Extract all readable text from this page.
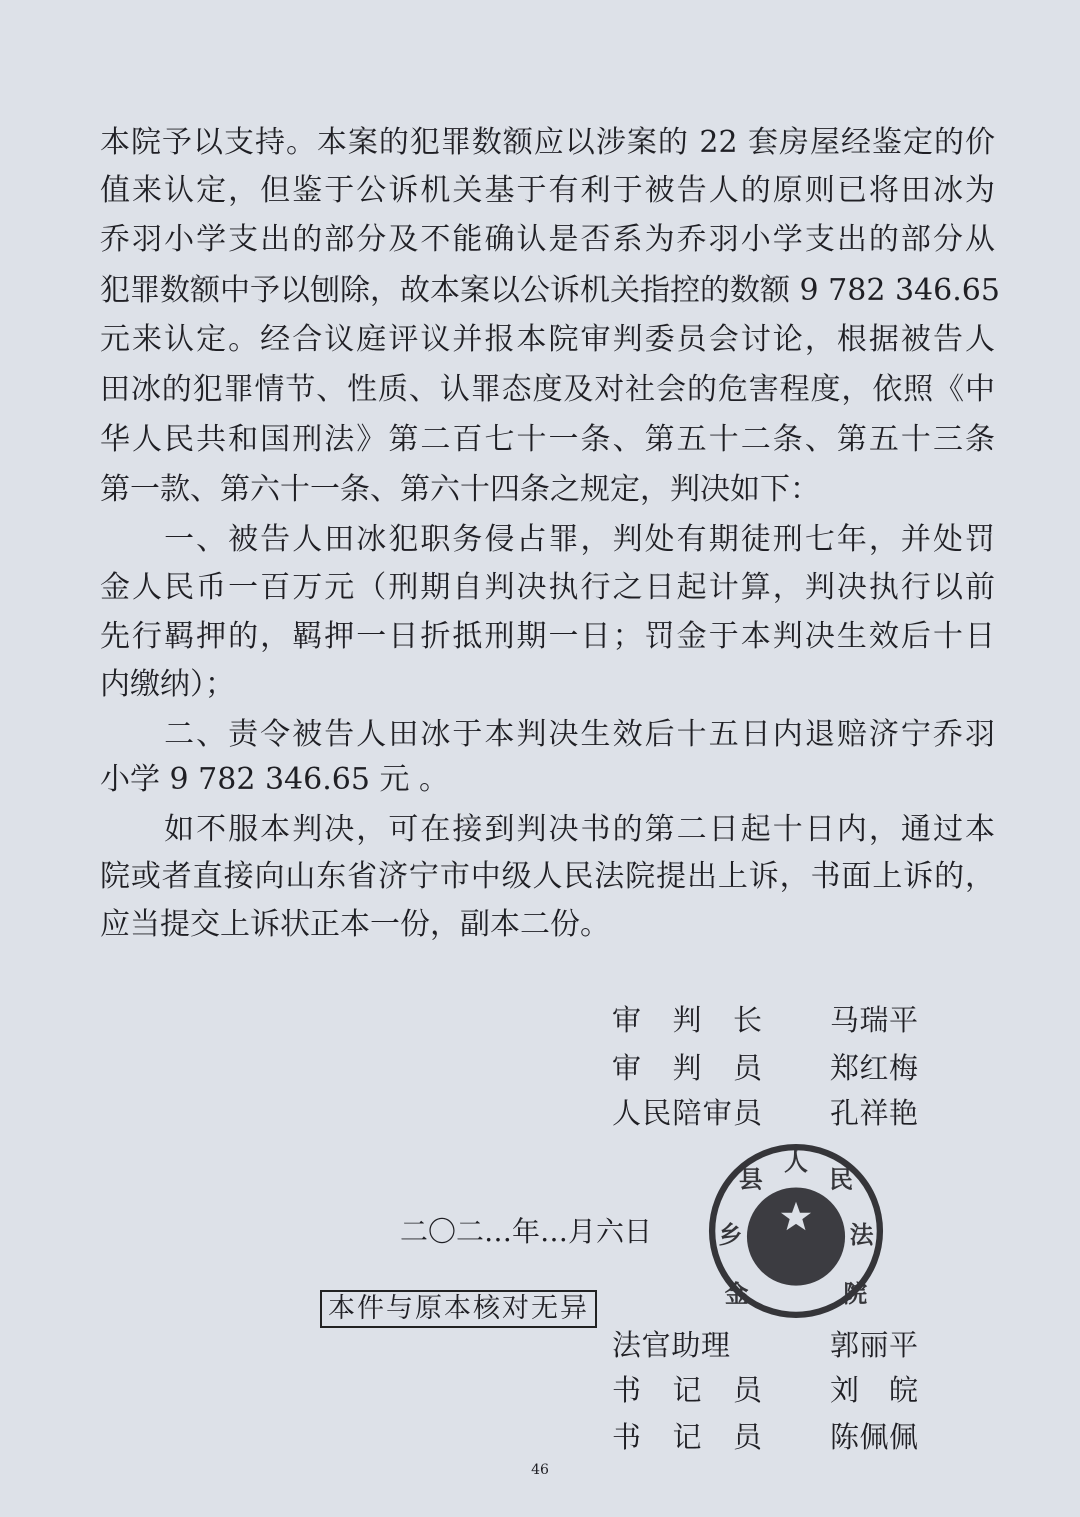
本院予以支持。本案的犯罪数额应以涉案的 22 套房屋经鉴定的价
值来认定，但鉴于公诉机关基于有利于被告人的原则已将田冰为
乔羽小学支出的部分及不能确认是否系为乔羽小学支出的部分从
犯罪数额中予以刨除，故本案以公诉机关指控的数额 9 782 346.65
元来认定。经合议庭评议并报本院审判委员会讨论，根据被告人
田冰的犯罪情节、性质、认罪态度及对社会的危害程度，依照《中
华人民共和国刑法》第二百七十一条、第五十二条、第五十三条
第一款、第六十一条、第六十四条之规定，判决如下：
　　一、被告人田冰犯职务侵占罪，判处有期徒刑七年，并处罚
金人民币一百万元（刑期自判决执行之日起计算，判决执行以前
先行羁押的，羁押一日折抵刑期一日；罚金于本判决生效后十日
内缴纳）；
　　二、责令被告人田冰于本判决生效后十五日内退赔济宁乔羽
小学 9 782 346.65 元 。
　　如不服本判决，可在接到判决书的第二日起十日内，通过本
院或者直接向山东省济宁市中级人民法院提出上诉，书面上诉的，
应当提交上诉状正本一份，副本二份。
审判长 马瑞平
审判员 郑红梅
人民陪审员 孔祥艳
二〇二…年…月六日
金
乡
县
人
民
法
院
本件与原本核对无异
法官助理	郭丽平
书记员 刘皖
书记员 陈佩佩
46
